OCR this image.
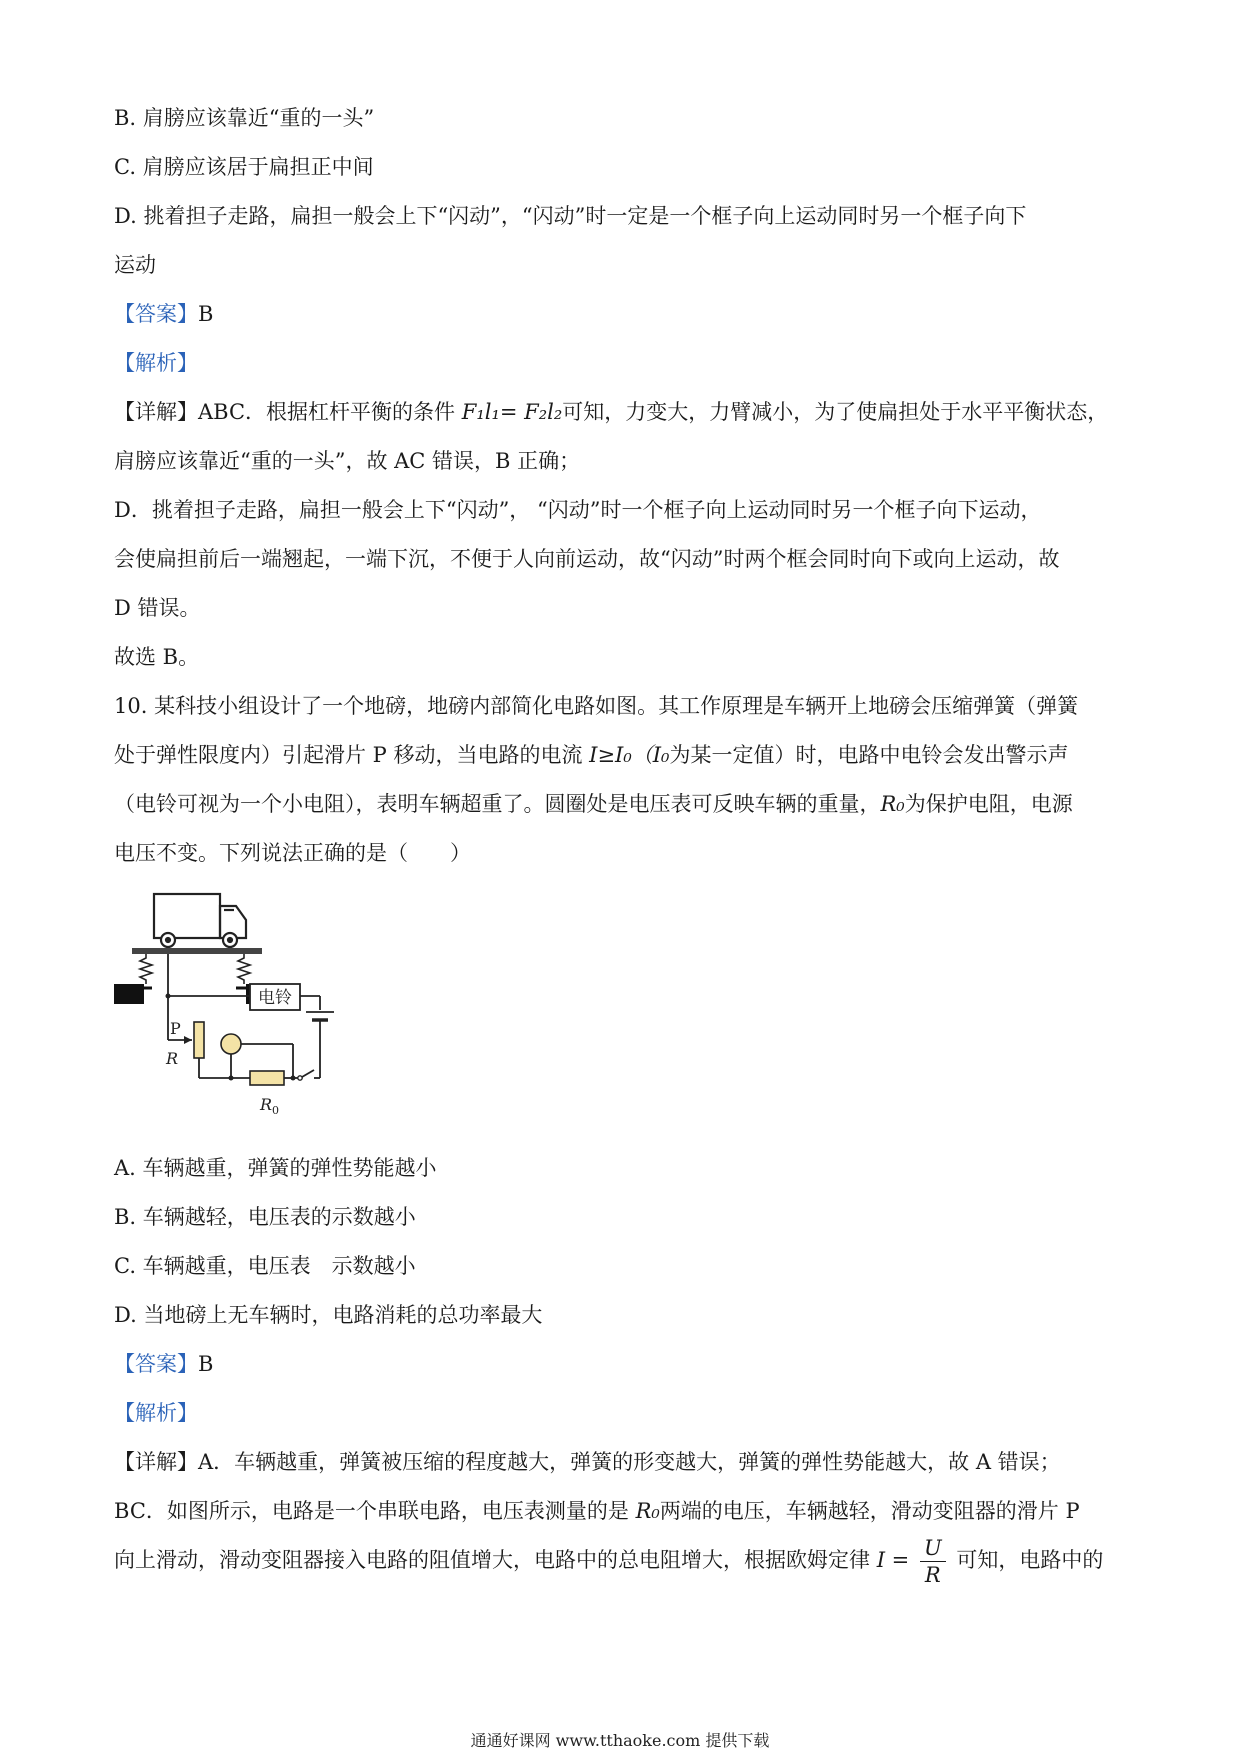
B. 肩膀应该靠近“重的一头”
C. 肩膀应该居于扁担正中间
D. 挑着担子走路，扁担一般会上下“闪动”，“闪动”时一定是一个框子向上运动同时另一个框子向下
运动
【答案】B
【解析】
【详解】ABC．根据杠杆平衡的条件 F₁l₁= F₂l₂可知，力变大，力臂减小，为了使扁担处于水平平衡状态，
肩膀应该靠近“重的一头”，故 AC 错误，B 正确；
D．挑着担子走路，扁担一般会上下“闪动”， “闪动”时一个框子向上运动同时另一个框子向下运动，
会使扁担前后一端翘起，一端下沉，不便于人向前运动，故“闪动”时两个框会同时向下或向上运动，故
D 错误。
故选 B。
10. 某科技小组设计了一个地磅，地磅内部简化电路如图。其工作原理是车辆开上地磅会压缩弹簧（弹簧
处于弹性限度内）引起滑片 P 移动，当电路的电流 I≥I₀（I₀为某一定值）时，电路中电铃会发出警示声
（电铃可视为一个小电阻），表明车辆超重了。圆圈处是电压表可反映车辆的重量，R₀为保护电阻，电源
电压不变。下列说法正确的是（　　）
电铃
P
R
$R_0$
A. 车辆越重，弹簧的弹性势能越小
B. 车辆越轻，电压表的示数越小
C. 车辆越重，电压表　示数越小
D. 当地磅上无车辆时，电路消耗的总功率最大
【答案】B
【解析】
【详解】A．车辆越重，弹簧被压缩的程度越大，弹簧的形变越大，弹簧的弹性势能越大，故 A 错误；
BC．如图所示，电路是一个串联电路，电压表测量的是 R₀两端的电压，车辆越轻，滑动变阻器的滑片 P
向上滑动，滑动变阻器接入电路的阻值增大，电路中的总电阻增大，根据欧姆定律 $I = \frac{U}{R}$ 可知，电路中的
通通好课网 www.tthaoke.com 提供下载
